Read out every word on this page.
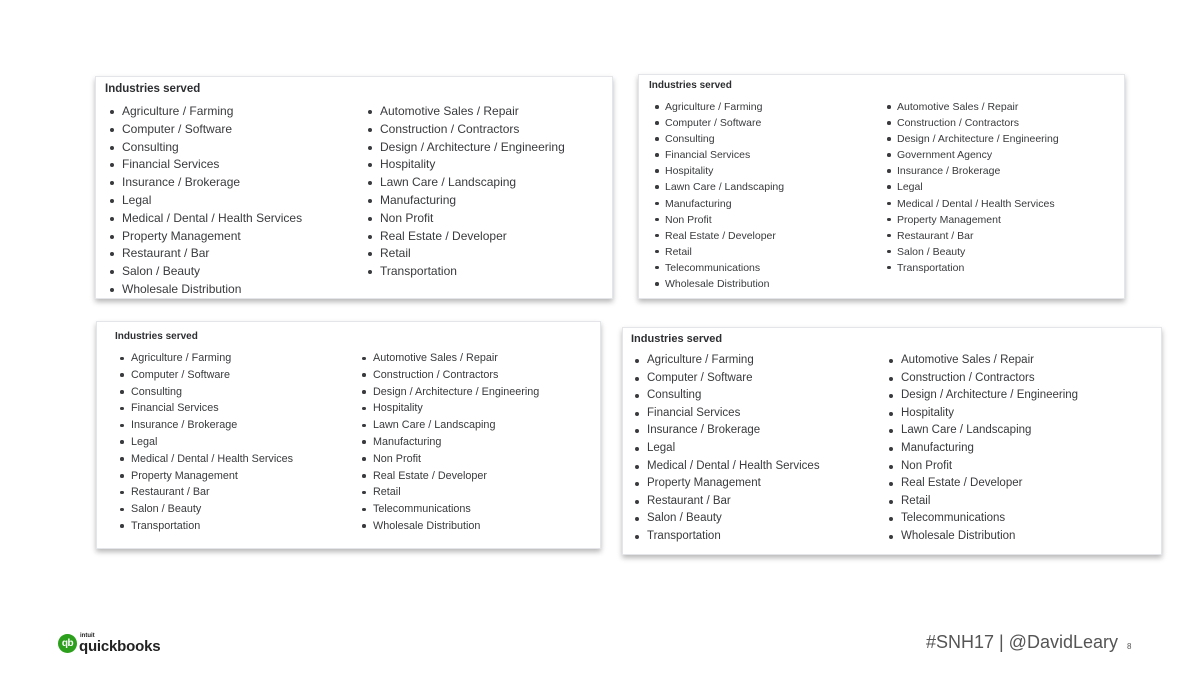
Industries served
Agriculture / Farming
Computer / Software
Consulting
Financial Services
Insurance / Brokerage
Legal
Medical / Dental / Health Services
Property Management
Restaurant / Bar
Salon / Beauty
Wholesale Distribution
Automotive Sales / Repair
Construction / Contractors
Design / Architecture / Engineering
Hospitality
Lawn Care / Landscaping
Manufacturing
Non Profit
Real Estate / Developer
Retail
Transportation
Industries served
Agriculture / Farming
Computer / Software
Consulting
Financial Services
Hospitality
Lawn Care / Landscaping
Manufacturing
Non Profit
Real Estate / Developer
Retail
Telecommunications
Wholesale Distribution
Automotive Sales / Repair
Construction / Contractors
Design / Architecture / Engineering
Government Agency
Insurance / Brokerage
Legal
Medical / Dental / Health Services
Property Management
Restaurant / Bar
Salon / Beauty
Transportation
Industries served
Agriculture / Farming
Computer / Software
Consulting
Financial Services
Insurance / Brokerage
Legal
Medical / Dental / Health Services
Property Management
Restaurant / Bar
Salon / Beauty
Transportation
Automotive Sales / Repair
Construction / Contractors
Design / Architecture / Engineering
Hospitality
Lawn Care / Landscaping
Manufacturing
Non Profit
Real Estate / Developer
Retail
Telecommunications
Wholesale Distribution
Industries served
Agriculture / Farming
Computer / Software
Consulting
Financial Services
Insurance / Brokerage
Legal
Medical / Dental / Health Services
Property Management
Restaurant / Bar
Salon / Beauty
Transportation
Automotive Sales / Repair
Construction / Contractors
Design / Architecture / Engineering
Hospitality
Lawn Care / Landscaping
Manufacturing
Non Profit
Real Estate / Developer
Retail
Telecommunications
Wholesale Distribution
qb
intuit
quickbooks	#SNH17 | @DavidLeary 8
